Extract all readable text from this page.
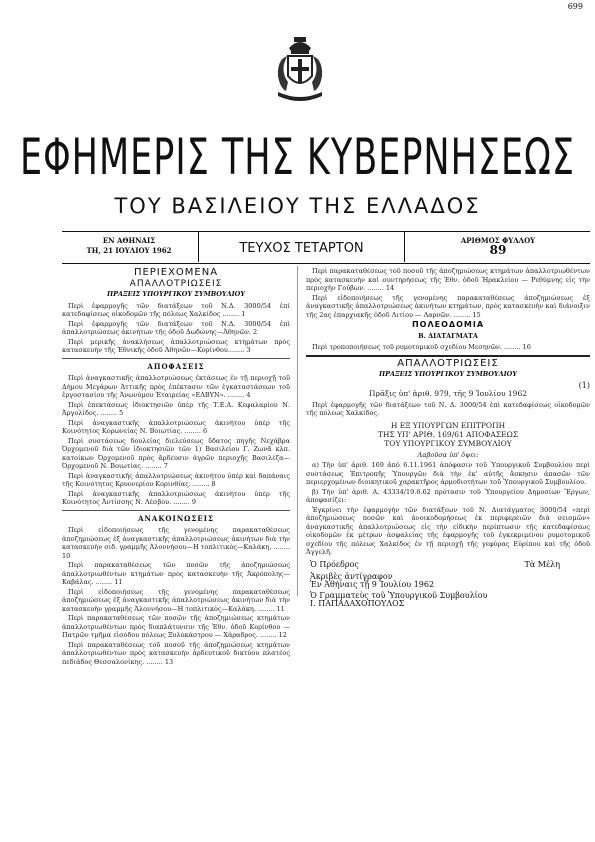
699
ΕΦΗΜΕΡΙΣ ΤΗΣ ΚΥΒΕΡΝΗΣΕΩΣ
ΤΟΥ ΒΑΣΙΛΕΙΟΥ ΤΗΣ ΕΛΛΑΔΟΣ
ΕΝ ΑΘΗΝΑΙΣ
ΤΗ, 21 ΙΟΥΛΙΟΥ 1962	ΤΕΥΧΟΣ ΤΕΤΑΡΤΟΝ
ΑΡΙΘΜΟΣ ΦΥΛΛΟΥ
89
ΠΕΡΙΕΧΟΜΕΝΑ
ΑΠΑΛΛΟΤΡΙΩΣΕΙΣ
ΠΡΑΞΕΙΣ ΥΠΟΥΡΓΙΚΟΥ ΣΥΜΒΟΥΛΙΟΥ

Περὶ ἐφαρμογῆς τῶν διατάξεων τοῦ Ν.Δ. 3000/54 ἐπὶ κατεδαφίσεως οἰκοδομῶν τῆς πόλεως Χαλκίδος ........ 1

Περὶ ἐφαρμογῆς τῶν διατάξεων τοῦ Ν.Δ. 3000/54 ἐπὶ ἀπαλλοτριώσεως ἀκινήτων τῆς ὁδοῦ Δωδώνης—Ἀθηνῶν. 2

Περὶ μερικῆς ἀνακλήσεως ἀπαλλοτριώσεως κτημάτων πρὸς κατασκευὴν τῆς Ἐθνικῆς ὁδοῦ Ἀθηνῶν—Κορίνθου........ 3

ΑΠΟΦΑΣΕΙΣ

Περὶ ἀναγκαστικῆς ἀπαλλοτριώσεως ἐκτάσεως ἐν τῇ περιοχῇ τοῦ Δήμου Μεγάρων Ἀττικῆς πρὸς ἐπέκτασιν τῶν ἐγκαταστάσεων τοῦ ἐργοστασίου τῆς Ἀνωνύμου Ἑταιρείας «ΕΛΒΥΝ». ........ 4

Περὶ ἐπεκτάσεως ἰδιοκτησιῶν ὑπὲρ τῆς Τ.Ε.Α. Κεφαλαρίου Ν. Ἀργολίδος. ........ 5

Περὶ ἀναγκαστικῆς ἀπαλλοτριώσεως ἀκινήτου ὑπὲρ τῆς Κοινότητος Κορωνείας Ν. Βοιωτίας. ........ 6

Περὶ συστάσεως δουλείας διελεύσεως ὕδατος πηγῆς Νεχάβρα Ὀρχομενοῦ διὰ τῶν ἰδιοκτησιῶν τῶν 1) Βασιλείου Γ. Ζωνᾶ κλπ. κατοίκων Ὀρχομενοῦ πρὸς ἄρδευσιν ἀγρῶν περιοχῆς Βασιλέζα—Ὀρχομενοῦ Ν. Βοιωτίας. ........ 7

Περὶ ἀναγκαστικῆς ἀπαλλοτριώσεως ἀκινήτου ὑπὲρ καὶ δαπάναις τῆς Κοινότητος Κρυονερίου Κορινθίας. ........ 8

Περὶ ἀναγκαστικῆς ἀπαλλοτριώσεως ἀκινήτου ὑπὲρ τῆς Κοινότητος Ἀντίσσης Ν. Λέσβου. ........ 9

ΑΝΑΚΟΙΝΩΣΕΙΣ

Περὶ εἰδοποιήσεως τῆς γενομένης παρακαταθέσεως ἀποζημιώσεως ἐξ ἀναγκαστικῆς ἀπαλλοτριώσεως ἀκινήτων διὰ τὴν κατασκευὴν σιδ. γραμμῆς Ἀλοννήσου—Η τοπλιτικὸς—Καλάκη. ........ 10

Περὶ παρακαταθέσεως τῶν ποσῶν τῆς ἀποζημιώσεως ἀπαλλοτριωθέντων κτημάτων πρὸς κατασκευὴν τῆς Ἀκρόπολης—Καβάλας. ........ 11

Περὶ εἰδοποιήσεως τῆς γενομένης παρακαταθέσεως ἀποζημιώσεως ἐξ ἀναγκαστικῆς ἀπαλλοτριώσεως ἀκινήτων διὰ τὴν κατασκευὴν γραμμῆς Ἀλοννήσου—Η τοπλιτικὸς—Καλάκη. ........ 11

Περὶ παρακαταθέσεως τῶν ποσῶν τῆς ἀποζημιώσεως κτημάτων ἀπαλλοτριωθέντων πρὸς διαπλάτυνσιν τῆς Ἐθν. ὁδοῦ Κορίνθου — Πατρῶν τμῆμα εἰσόδου πόλεως Ξυλοκάστρου — Χάραδρος. ........ 12

Περὶ παρακαταθέσεως τοῦ ποσοῦ τῆς ἀποζημιώσεως κτημάτων ἀπαλλοτριωθέντων πρὸς κατασκευὴν ἀρδευτικοῦ δικτύου πλατέος πεδιάδος Θεσσαλονίκης. ........ 13

Περὶ παρακαταθέσεως τοῦ ποσοῦ τῆς ἀποζημιώσεως κτημάτων ἀπαλλοτριωθέντων πρὸς κατασκευὴν καὶ συντηρήσεως τῆς Ἐθν. ὁδοῦ Ἠρακλείου — Ρεθύμνης εἰς τὴν περιοχὴν Γούβων. ........ 14

Περὶ εἰδοποιήσεως τῆς γενομένης παρακαταθέσεως ἀποζημιώσεως ἐξ ἀναγκαστικῆς ἀπαλλοτριώσεως ἀκινήτων κτημάτων, πρὸς κατασκευὴν καὶ διάνοιξιν τῆς 2ας ἐπαρχιακῆς ὁδοῦ Λιτίου — Λαρνῶν. ........ 15

ΠΟΛΕΟΔΟΜΙΑ
Β. ΔΙΑΤΑΓΜΑΤΑ

Περὶ τροποποιήσεως τοῦ ρυμοτομικοῦ σχεδίου Μεσηνῶν. ........ 16

ΑΠΑΛΛΟΤΡΙΩΣΕΙΣ
ΠΡΑΞΕΙΣ ΥΠΟΥΡΓΙΚΟΥ ΣΥΜΒΟΥΛΙΟΥ
(1)
Πρᾶξις ὑπ' ἀριθ. 979, τῆς 9 Ἰουλίου 1962

Περὶ ἐφαρμογῆς τῶν διατάξεων τοῦ Ν. Δ. 3000/54 ἐπὶ κατεδαφίσεως οἰκοδομῶν τῆς πόλεως Χαλκίδος.

Η ΕΞ ΥΠΟΥΡΓΩΝ ΕΠΙΤΡΟΠΗ
ΤΗΣ ΥΠ' ΑΡΙΘ. 169/61 ΑΠΟΦΑΣΕΩΣ
ΤΟΥ ΥΠΟΥΡΓΙΚΟΥ ΣΥΜΒΟΥΛΙΟΥ
Λαβοῦσα ὑπ' ὄψει:

α) Τὴν ὑπ' ἀριθ. 169 ἀπὸ 6.11.1961 ἀπόφασιν τοῦ Ὑπουργικοῦ Συμβουλίου περὶ συστάσεως Ἐπιτροπῆς Ὑπουργῶν διὰ τὴν ἐκ' αὐτῆς ἄσκησιν ἁπασῶν τῶν περιερχομένων διοικητικοῦ χαρακτῆρος ἁρμοδιοτήτων τοῦ Ὑπουργικοῦ Συμβουλίου.

β) Τὴν ὑπ' ἀριθ. Α. 43334/19.6.62 πρότασιν τοῦ Ὑπουργείου Δημοσίων Ἔργων, ἀποφασίζει:

Ἐγκρίνει τὴν ἐφαρμογὴν τῶν διατάξεων τοῦ Ν. Διατάγματος 3000/54 «περὶ ἀποζημιώσεως ποσῶν καὶ ἀνοικοδομήσεως ἐκ περιφερειῶν διὰ σεισμῶν» ἀναγκαστικῆς ἀπαλλοτριώσεως εἰς τὴν εἰδικὴν περίπτωσιν τῆς κατεδαφίσεως οἰκοδομῶν ἐκ μέτρων ἀσφαλείας τῆς ἐφαρμογῆς τοῦ ἐγκεκριμένου ρυμοτομικοῦ σχεδίου τῆς πόλεως Χαλκίδος ἐν τῇ περιοχῇ τῆς γεφύρας Εὐρίπου καὶ τῆς ὁδοῦ Ἀγγελῆ.

Ὁ Πρόεδρος	Τὰ Μέλη
Ἀκριβὲς ἀντίγραφον
Ἐν Ἀθήναις τῇ 9 Ἰουλίου 1962
Ὁ Γραμματεὺς τοῦ Ὑπουργικοῦ Συμβουλίου
Ι. ΠΑΠΑΔΑΧΟΠΟΥΛΟΣ
